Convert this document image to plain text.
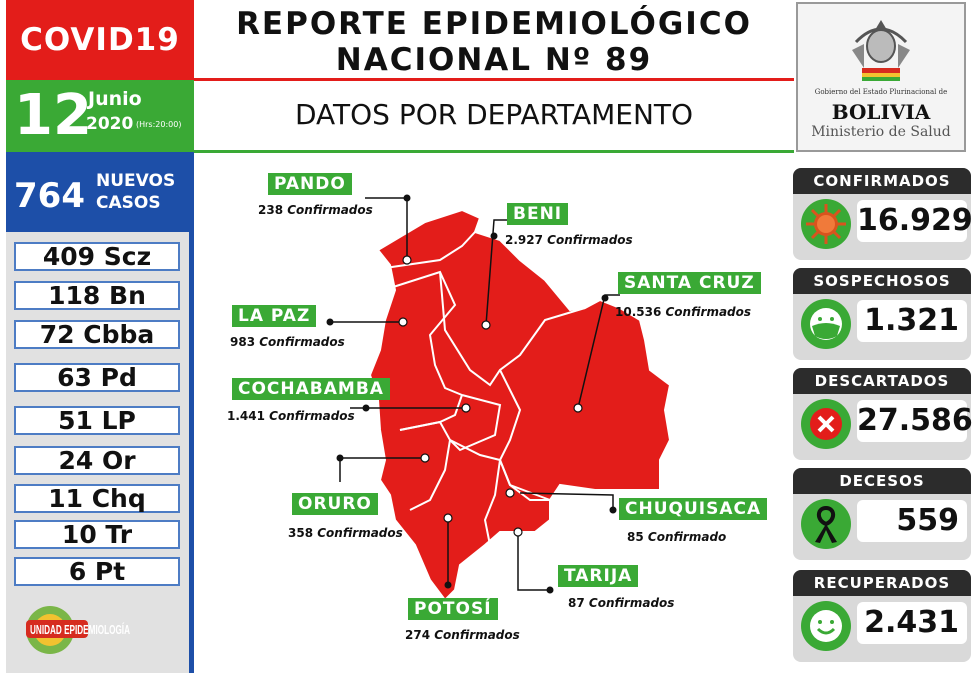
COVID19
12
Junio
2020 (Hrs:20:00)
764 NUEVOS CASOS
409 Scz
118 Bn
72 Cbba
63 Pd
51 LP
24 Or
11 Chq
10 Tr
6 Pt
UNIDAD EPIDEMIOLOGÍA
REPORTE EPIDEMIOLÓGICO
NACIONAL Nº 89
DATOS POR DEPARTAMENTO
Gobierno del Estado Plurinacional de
BOLIVIA
Ministerio de Salud
PANDO
238 Confirmados	BENI
2.927 Confirmados
SANTA CRUZ
10.536 Confirmados
LA PAZ
983 Confirmados
COCHABAMBA
1.441 Confirmados
ORURO
358 Confirmados
CHUQUISACA
85 Confirmado
TARIJA
87 Confirmados
POTOSÍ
274 Confirmados
CONFIRMADOS
16.929
SOSPECHOSOS
1.321
DESCARTADOS
27.586
DECESOS
559
RECUPERADOS
2.431
